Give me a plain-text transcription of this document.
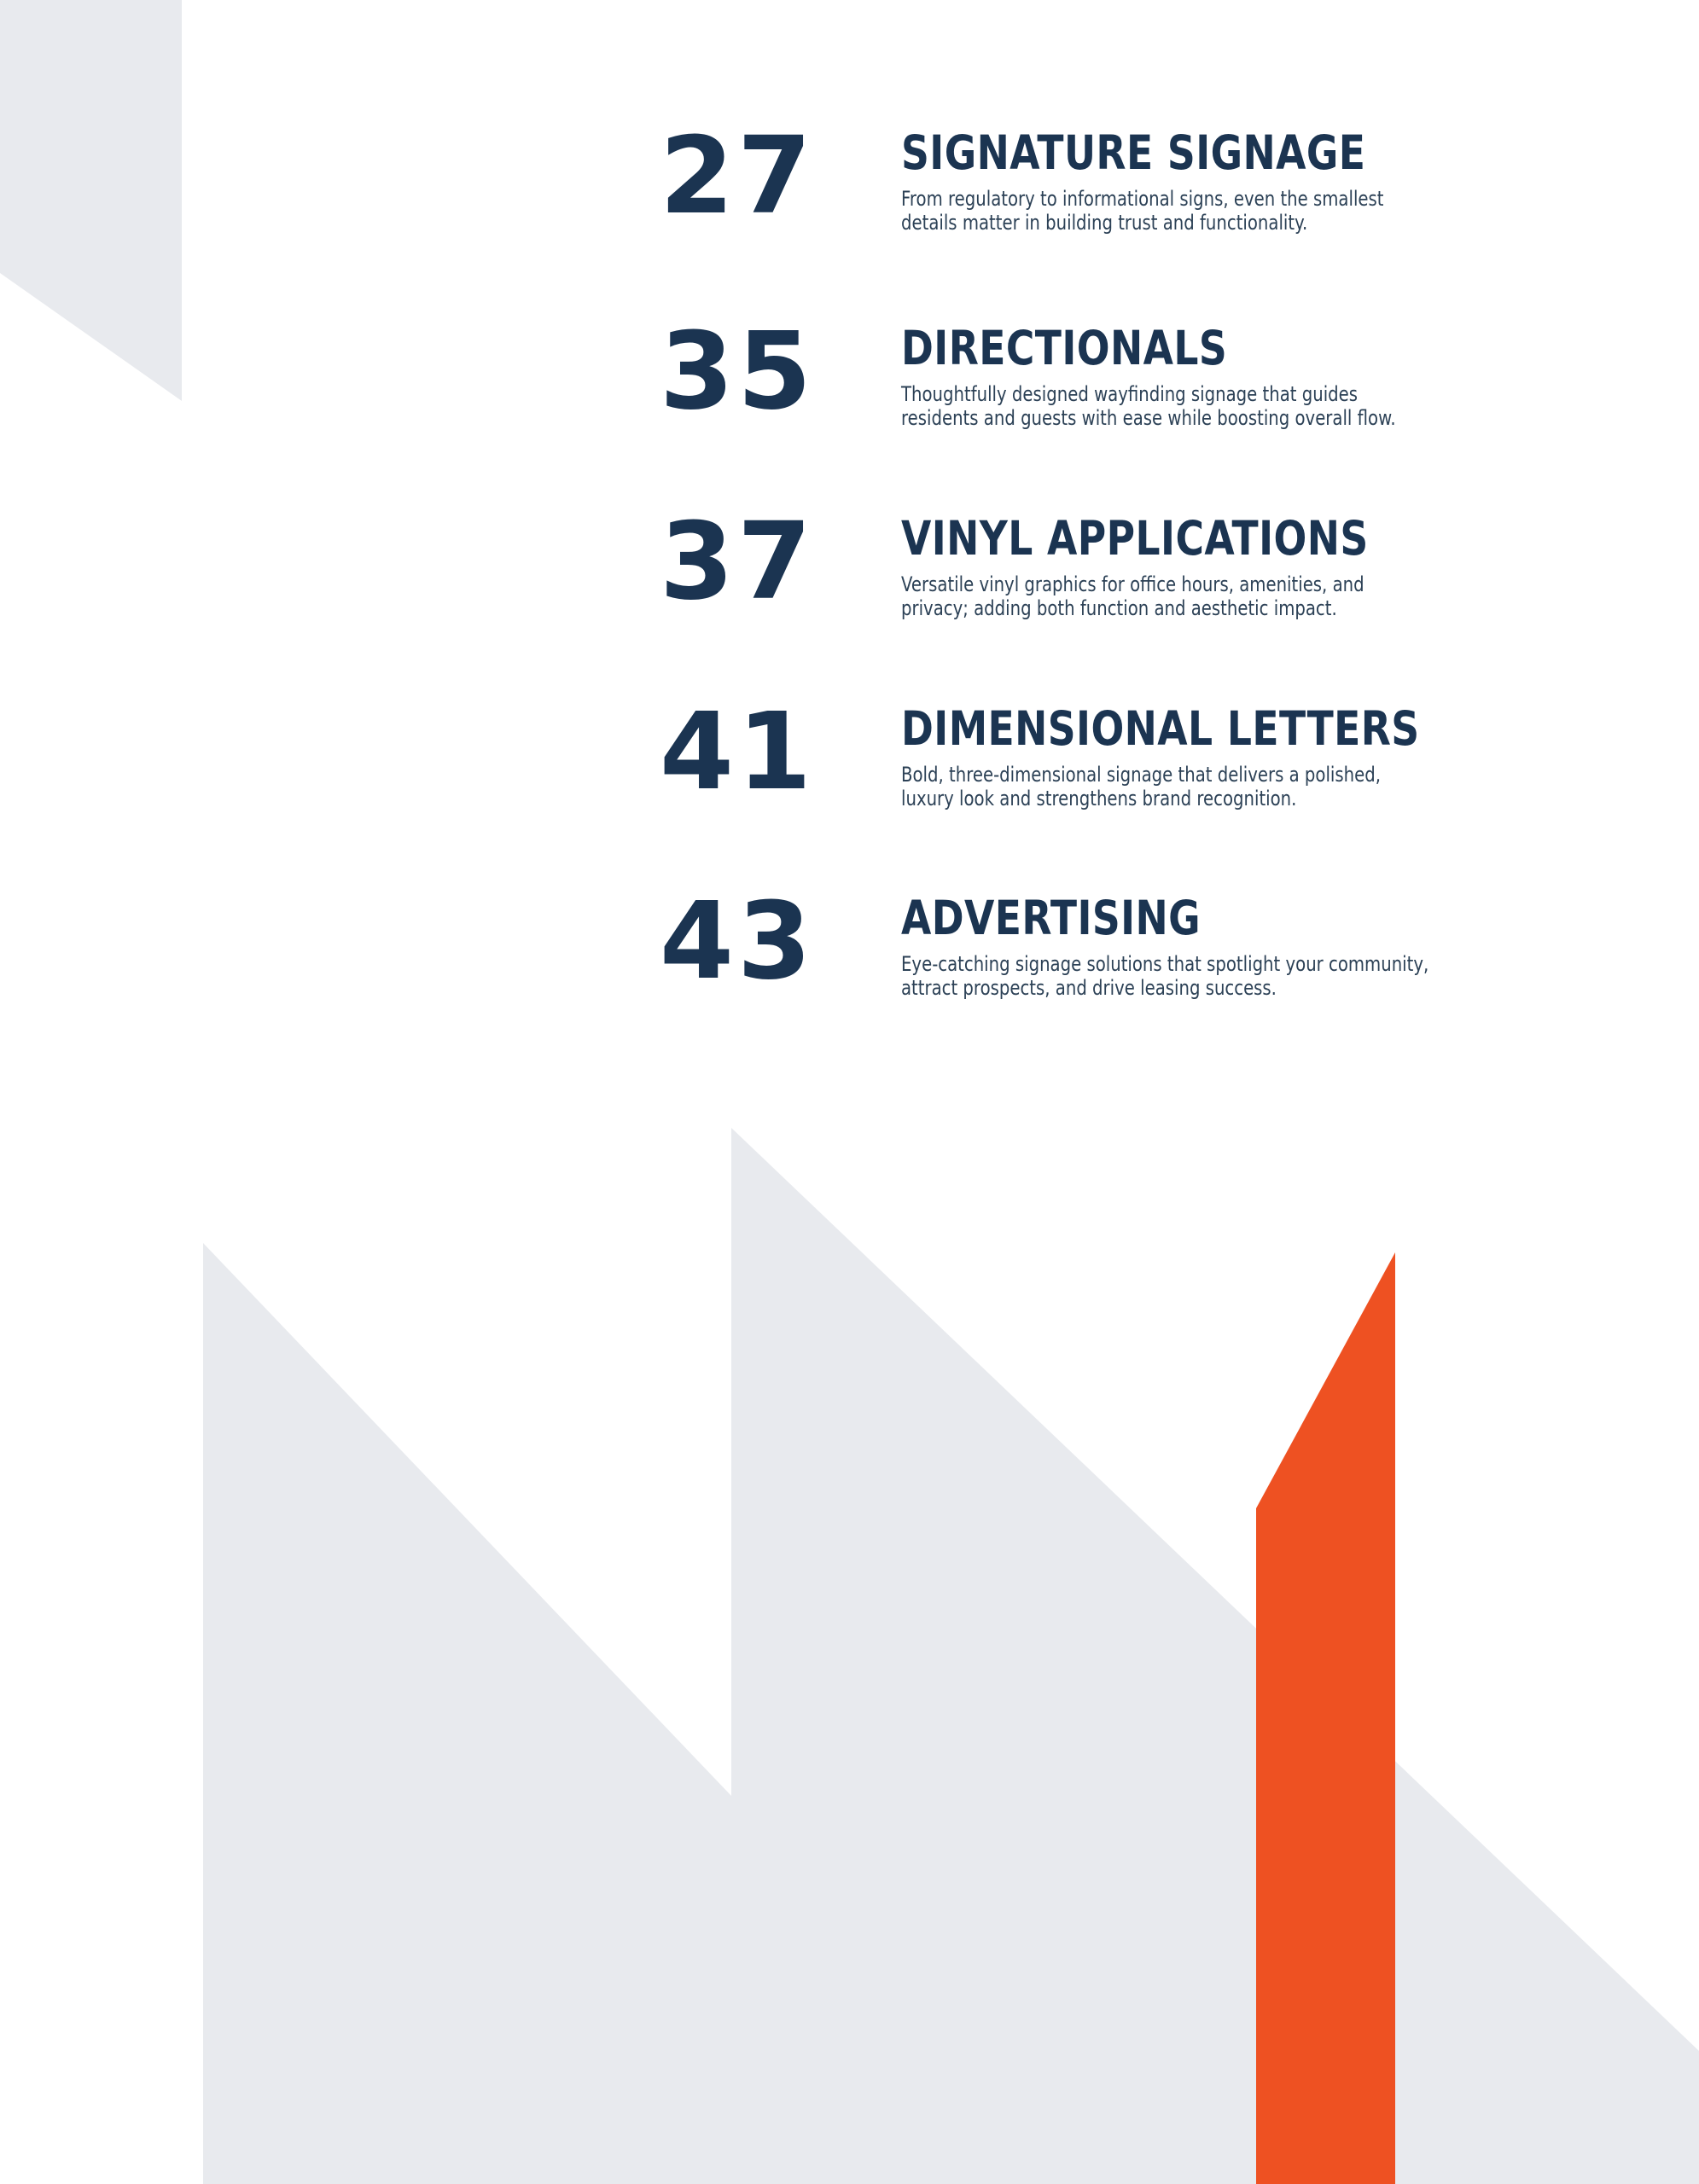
27 SIGNATURE SIGNAGE
From regulatory to informational signs, even the smallest
details matter in building trust and functionality.
35 DIRECTIONALS
Thoughtfully designed wayfinding signage that guides
residents and guests with ease while boosting overall flow.
37 VINYL APPLICATIONS
Versatile vinyl graphics for office hours, amenities, and
privacy; adding both function and aesthetic impact.
41 DIMENSIONAL LETTERS
Bold, three-dimensional signage that delivers a polished,
luxury look and strengthens brand recognition.
43 ADVERTISING
Eye-catching signage solutions that spotlight your community,
attract prospects, and drive leasing success.
